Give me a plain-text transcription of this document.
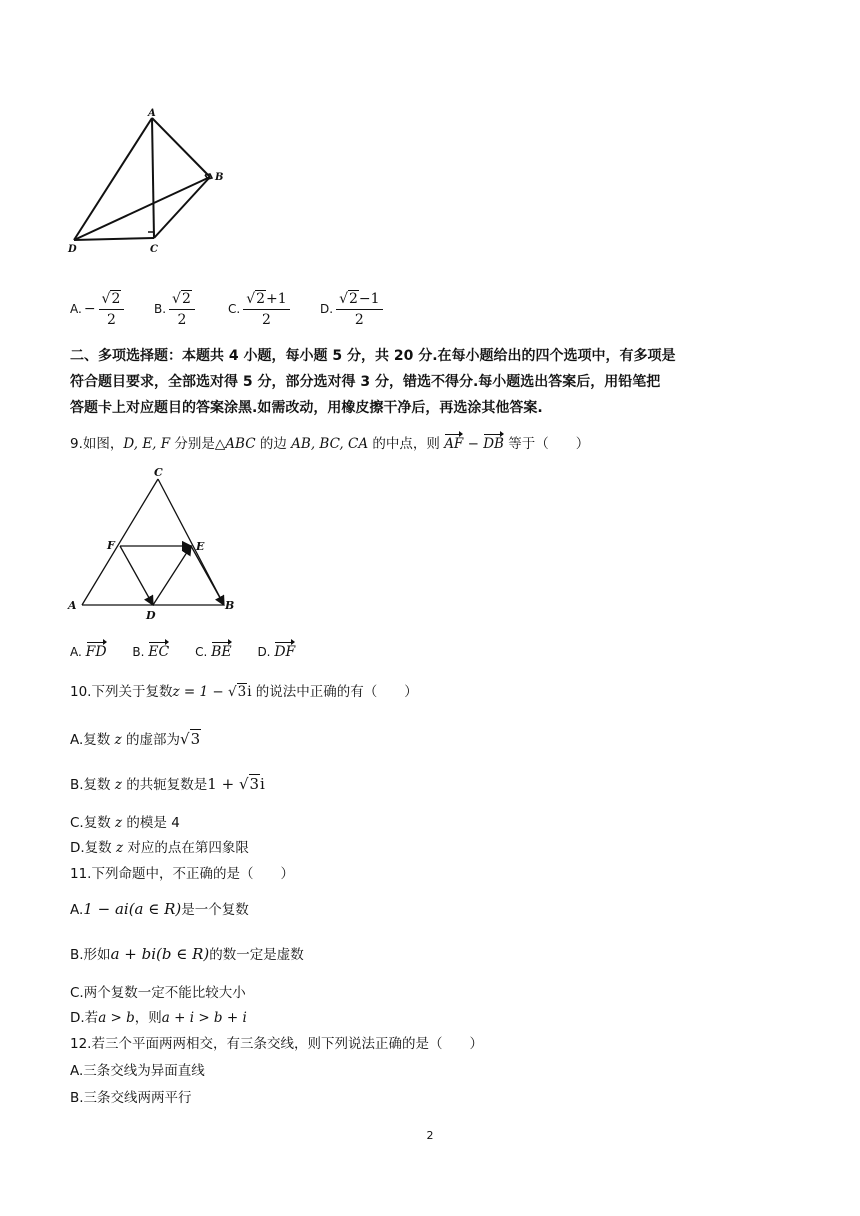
A
B
C
D
A. − $\frac{√2}{2} B$. $\frac{√2}{2}$	C. $\frac{√2+1}{2}$	D. $\frac{√2-1}{2}$
二、多项选择题：本题共 4 小题，每小题 5 分，共 20 分.在每小题给出的四个选项中，有多项是
符合题目要求，全部选对得 5 分，部分选对得 3 分，错选不得分.每小题选出答案后，用铅笔把
答题卡上对应题目的答案涂黑.如需改动，用橡皮擦干净后，再选涂其他答案.
9.如图，D, E, F 分别是△ABC 的边 AB, BC, CA 的中点，则 AF − DB 等于（　　）
C
F	E
A
D
B
A. FD B. EC C. BE D. DF
10.下列关于复数z = 1 − √3i 的说法中正确的有（　　）
A.复数 z 的虚部为√3
B.复数 z 的共轭复数是1 + √3i
C.复数 z 的模是 4
D.复数 z 对应的点在第四象限
11.下列命题中，不正确的是（　　）
A.1 − ai(a ∈ R)是一个复数
B.形如a + bi(b ∈ R)的数一定是虚数
C.两个复数一定不能比较大小
D.若a > b，则a + i > b + i
12.若三个平面两两相交，有三条交线，则下列说法正确的是（　　）
A.三条交线为异面直线
B.三条交线两两平行
2
